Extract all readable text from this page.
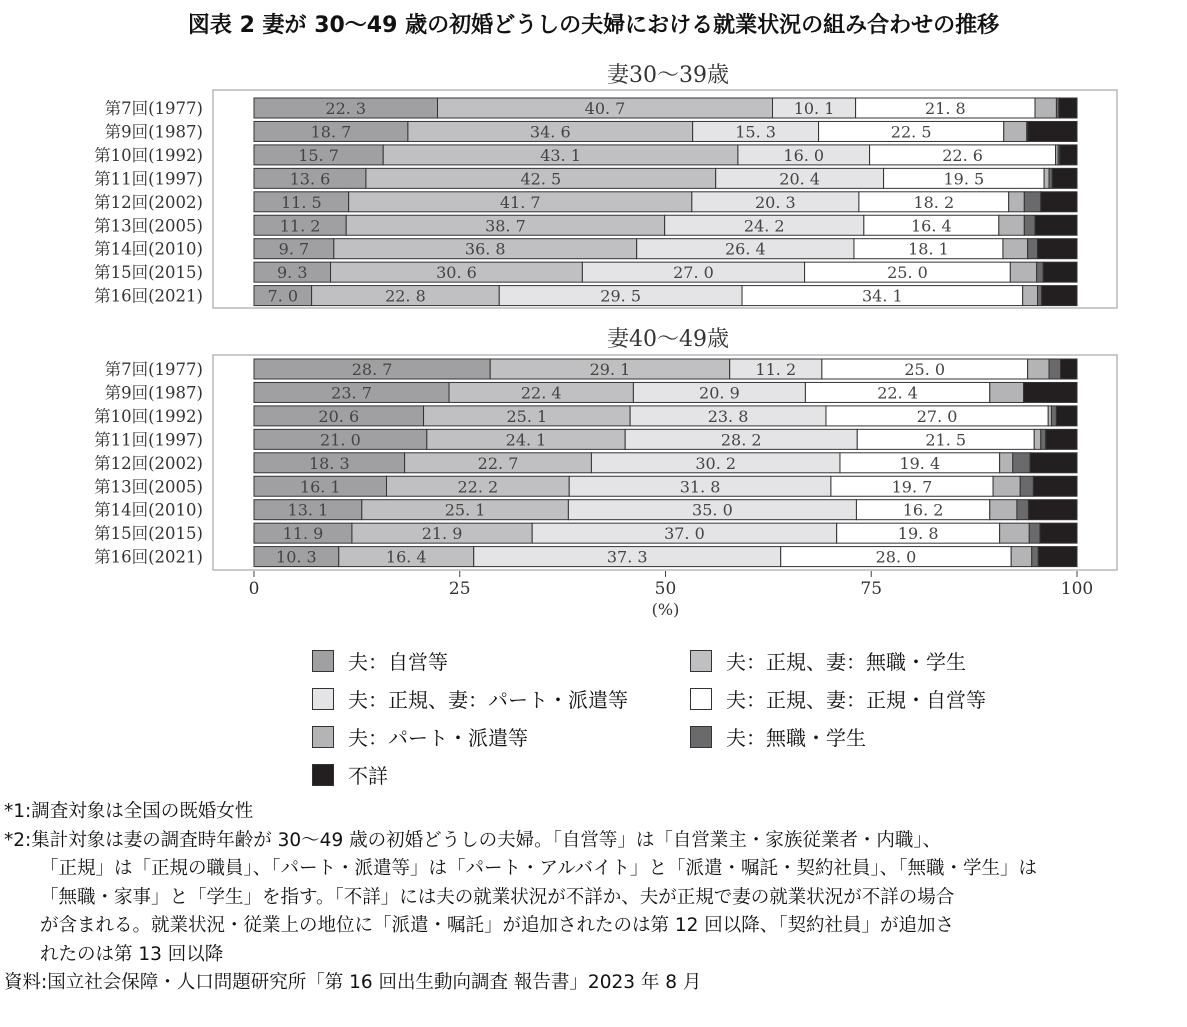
図表 2 妻が 30～49 歳の初婚どうしの夫婦における就業状況の組み合わせの推移
妻30～39歳
第7回(1977)	22. 3	40. 7	10. 1	21. 8
第9回(1987)	18. 7	34. 6	15. 3	22. 5
第10回(1992)	15. 7	43. 1	16. 0	22. 6
第11回(1997)	13. 6	42. 5	20. 4	19. 5
第12回(2002)	11. 5	41. 7	20. 3	18. 2
第13回(2005)	11. 2	38. 7	24. 2	16. 4
第14回(2010)	9. 7	36. 8	26. 4	18. 1
第15回(2015)	9. 3	30. 6	27. 0	25. 0
第16回(2021)	7. 0	22. 8	29. 5	34. 1
妻40～49歳
第7回(1977)	28. 7	29. 1	11. 2	25. 0
第9回(1987)	23. 7	22. 4	20. 9	22. 4
第10回(1992)	20. 6	25. 1	23. 8	27. 0
第11回(1997)	21. 0	24. 1	28. 2	21. 5
第12回(2002)	18. 3	22. 7	30. 2	19. 4
第13回(2005)	16. 1	22. 2	31. 8	19. 7
第14回(2010)	13. 1	25. 1	35. 0	16. 2
第15回(2015)	11. 9	21. 9	37. 0	19. 8
第16回(2021)	10. 3	16. 4	37. 3	28. 0
0	25	50	75	100
(%)
夫：自営等	夫：正規、妻：無職・学生
夫：正規、妻：パート・派遣等	夫：正規、妻：正規・自営等
夫：パート・派遣等	夫：無職・学生
不詳
*1:調査対象は全国の既婚女性
*2:集計対象は妻の調査時年齢が 30～49 歳の初婚どうしの夫婦。「自営等」は「自営業主・家族従業者・内職」、
「正規」は「正規の職員」、「パート・派遣等」は「パート・アルバイト」と「派遣・嘱託・契約社員」、「無職・学生」は
「無職・家事」と「学生」を指す。「不詳」には夫の就業状況が不詳か、夫が正規で妻の就業状況が不詳の場合
が含まれる。就業状況・従業上の地位に「派遣・嘱託」が追加されたのは第 12 回以降、「契約社員」が追加さ
れたのは第 13 回以降
資料:国立社会保障・人口問題研究所「第 16 回出生動向調査 報告書」2023 年 8 月
